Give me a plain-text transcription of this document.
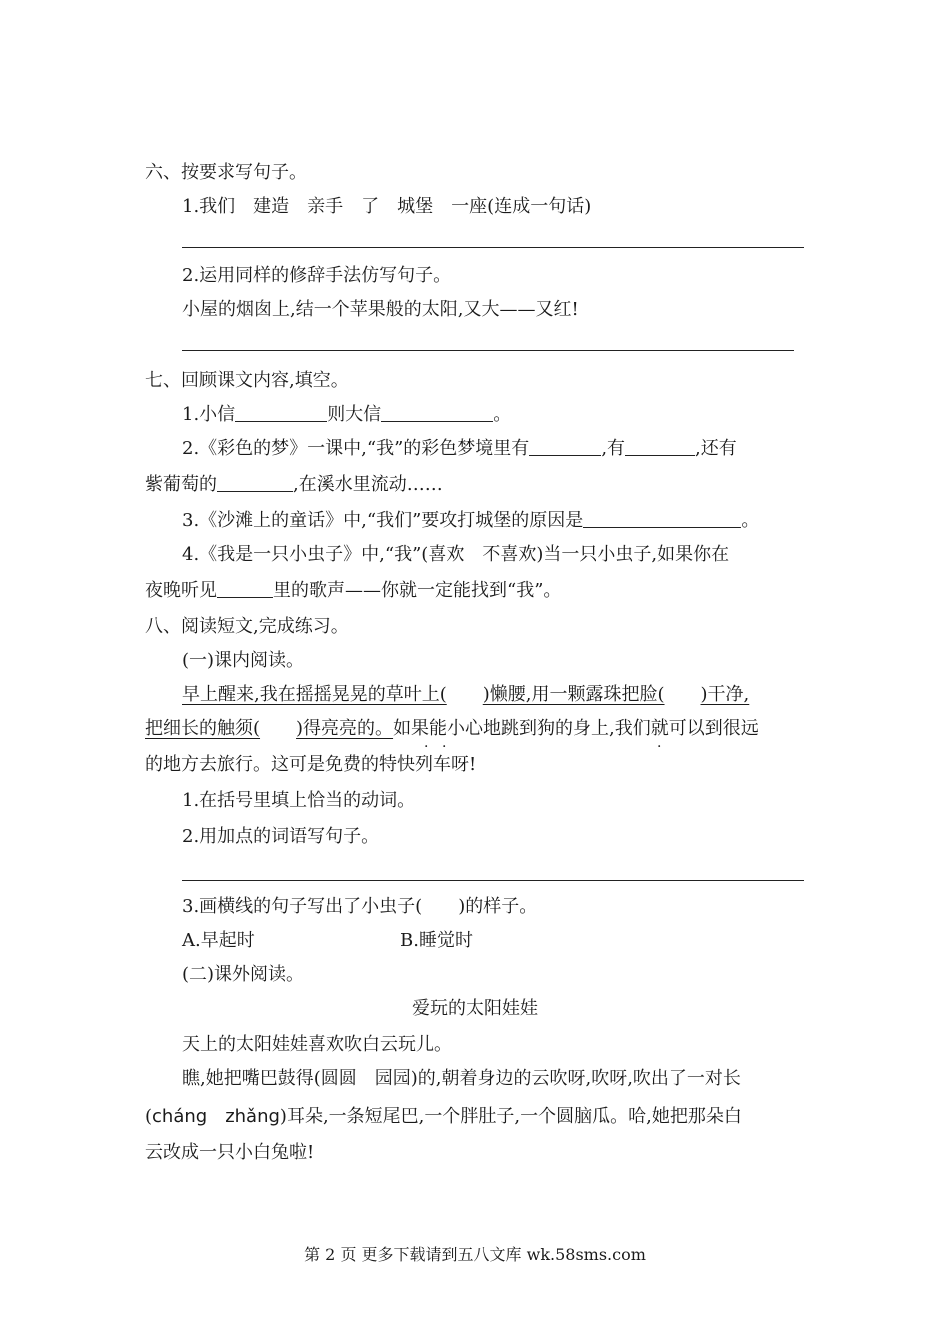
六、按要求写句子。
1.我们　建造　亲手　了　城堡　一座(连成一句话)
2.运用同样的修辞手法仿写句子。
小屋的烟囱上,结一个苹果般的太阳,又大——又红!
七、回顾课文内容,填空。
1.小信	则大信	。
2.《彩色的梦》一课中,“我”的彩色梦境里有	,有	,还有
紫葡萄的	,在溪水里流动……
3.《沙滩上的童话》中,“我们”要攻打城堡的原因是	。
4.《我是一只小虫子》中,“我”(喜欢　不喜欢)当一只小虫子,如果你在
夜晚听见	里的歌声——你就一定能找到“我”。
八、阅读短文,完成练习。
(一)课内阅读。
早上醒来,我在摇摇晃晃的草叶上( )懒腰,用一颗露珠把脸( )干净,
把细长的触须( )得亮亮的。如果能小心地跳到狗的身上,我们就可以到很远
· ·	·
的地方去旅行。这可是免费的特快列车呀!
1.在括号里填上恰当的动词。
2.用加点的词语写句子。
3.画横线的句子写出了小虫子( )的样子。
A.早起时	B.睡觉时
(二)课外阅读。
爱玩的太阳娃娃
天上的太阳娃娃喜欢吹白云玩儿。
瞧,她把嘴巴鼓得(圆圆　园园)的,朝着身边的云吹呀,吹呀,吹出了一对长
(cháng　zhǎng)耳朵,一条短尾巴,一个胖肚子,一个圆脑瓜。哈,她把那朵白
云改成一只小白兔啦!
第 2 页 更多下载请到五八文库 wk.58sms.com
